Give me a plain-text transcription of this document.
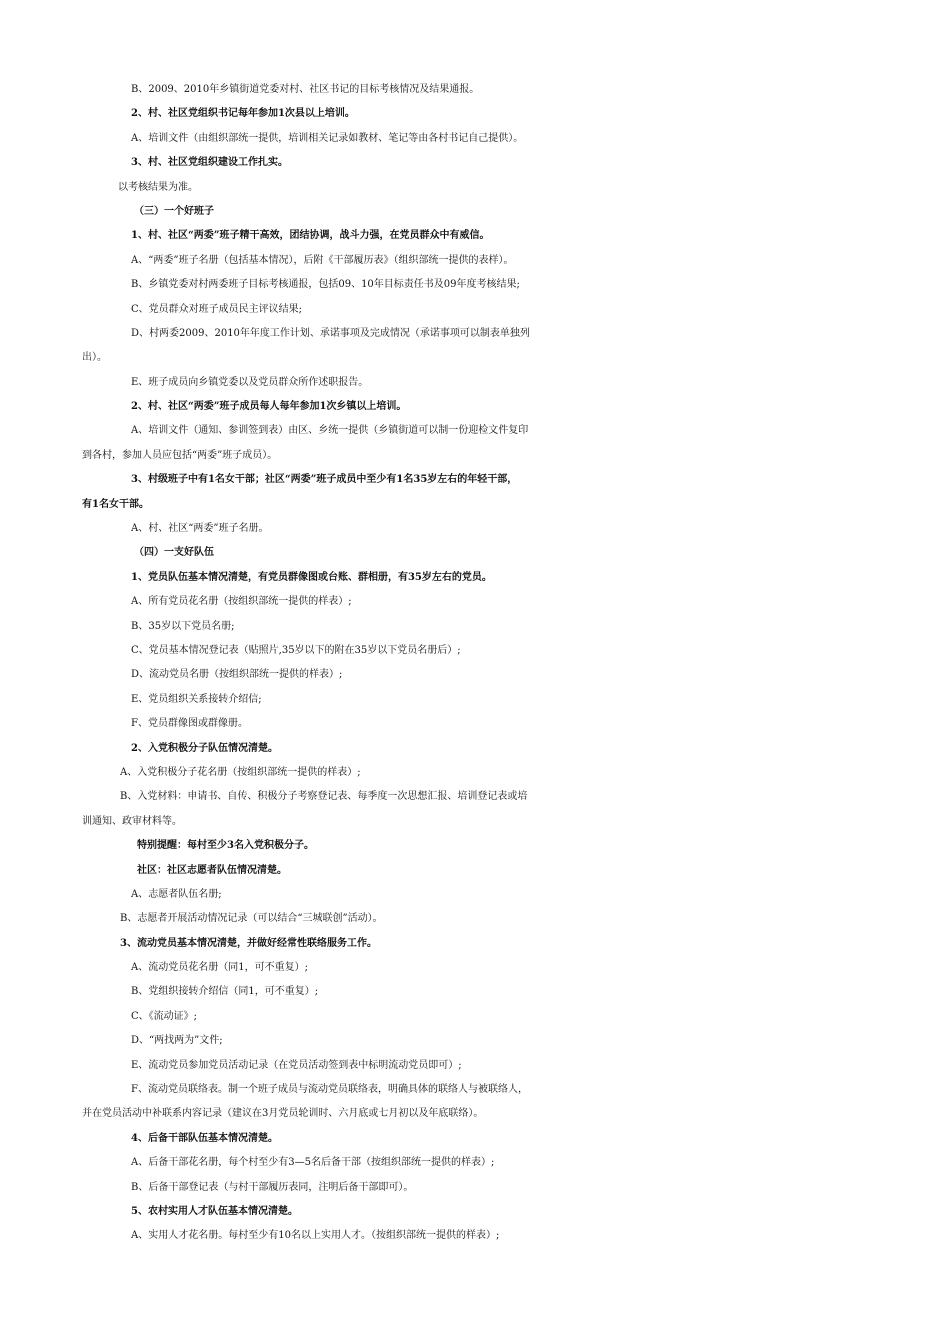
B、2009、2010年乡镇街道党委对村、社区书记的目标考核情况及结果通报。
2、村、社区党组织书记每年参加1次县以上培训。
A、培训文件（由组织部统一提供，培训相关记录如教材、笔记等由各村书记自己提供）。
3、村、社区党组织建设工作扎实。
以考核结果为准。
（三）一个好班子
1、村、社区“两委”班子精干高效，团结协调，战斗力强，在党员群众中有威信。
A、“两委”班子名册（包括基本情况），后附《干部履历表》（组织部统一提供的表样）。
B、乡镇党委对村两委班子目标考核通报，包括09、10年目标责任书及09年度考核结果;
C、党员群众对班子成员民主评议结果;
D、村两委2009、2010年年度工作计划、承诺事项及完成情况（承诺事项可以制表单独列
出）。
E、班子成员向乡镇党委以及党员群众所作述职报告。
2、村、社区“两委”班子成员每人每年参加1次乡镇以上培训。
A、培训文件（通知、参训签到表）由区、乡统一提供（乡镇街道可以制一份迎检文件复印
到各村，参加人员应包括“两委”班子成员）。
3、村级班子中有1名女干部；社区“两委”班子成员中至少有1名35岁左右的年轻干部，
有1名女干部。
A、村、社区“两委”班子名册。
（四）一支好队伍
1、党员队伍基本情况清楚，有党员群像图或台账、群相册，有35岁左右的党员。
A、所有党员花名册（按组织部统一提供的样表）;
B、35岁以下党员名册;
C、党员基本情况登记表（贴照片,35岁以下的附在35岁以下党员名册后）;
D、流动党员名册（按组织部统一提供的样表）;
E、党员组织关系接转介绍信;
F、党员群像图或群像册。
2、入党积极分子队伍情况清楚。
A、入党积极分子花名册（按组织部统一提供的样表）;
B、入党材料：申请书、自传、积极分子考察登记表、每季度一次思想汇报、培训登记表或培
训通知、政审材料等。
特别提醒：每村至少3名入党积极分子。
社区：社区志愿者队伍情况清楚。
A、志愿者队伍名册;
B、志愿者开展活动情况记录（可以结合“三城联创”活动）。
3、流动党员基本情况清楚，并做好经常性联络服务工作。
A、流动党员花名册（同1，可不重复）;
B、党组织接转介绍信（同1，可不重复）;
C、《流动证》;
D、“两找两为”文件;
E、流动党员参加党员活动记录（在党员活动签到表中标明流动党员即可）;
F、流动党员联络表。制一个班子成员与流动党员联络表，明确具体的联络人与被联络人，
并在党员活动中补联系内容记录（建议在3月党员轮训时、六月底或七月初以及年底联络）。
4、后备干部队伍基本情况清楚。
A、后备干部花名册，每个村至少有3—5名后备干部（按组织部统一提供的样表）;
B、后备干部登记表（与村干部履历表同，注明后备干部即可）。
5、农村实用人才队伍基本情况清楚。
A、实用人才花名册。每村至少有10名以上实用人才。（按组织部统一提供的样表）;
